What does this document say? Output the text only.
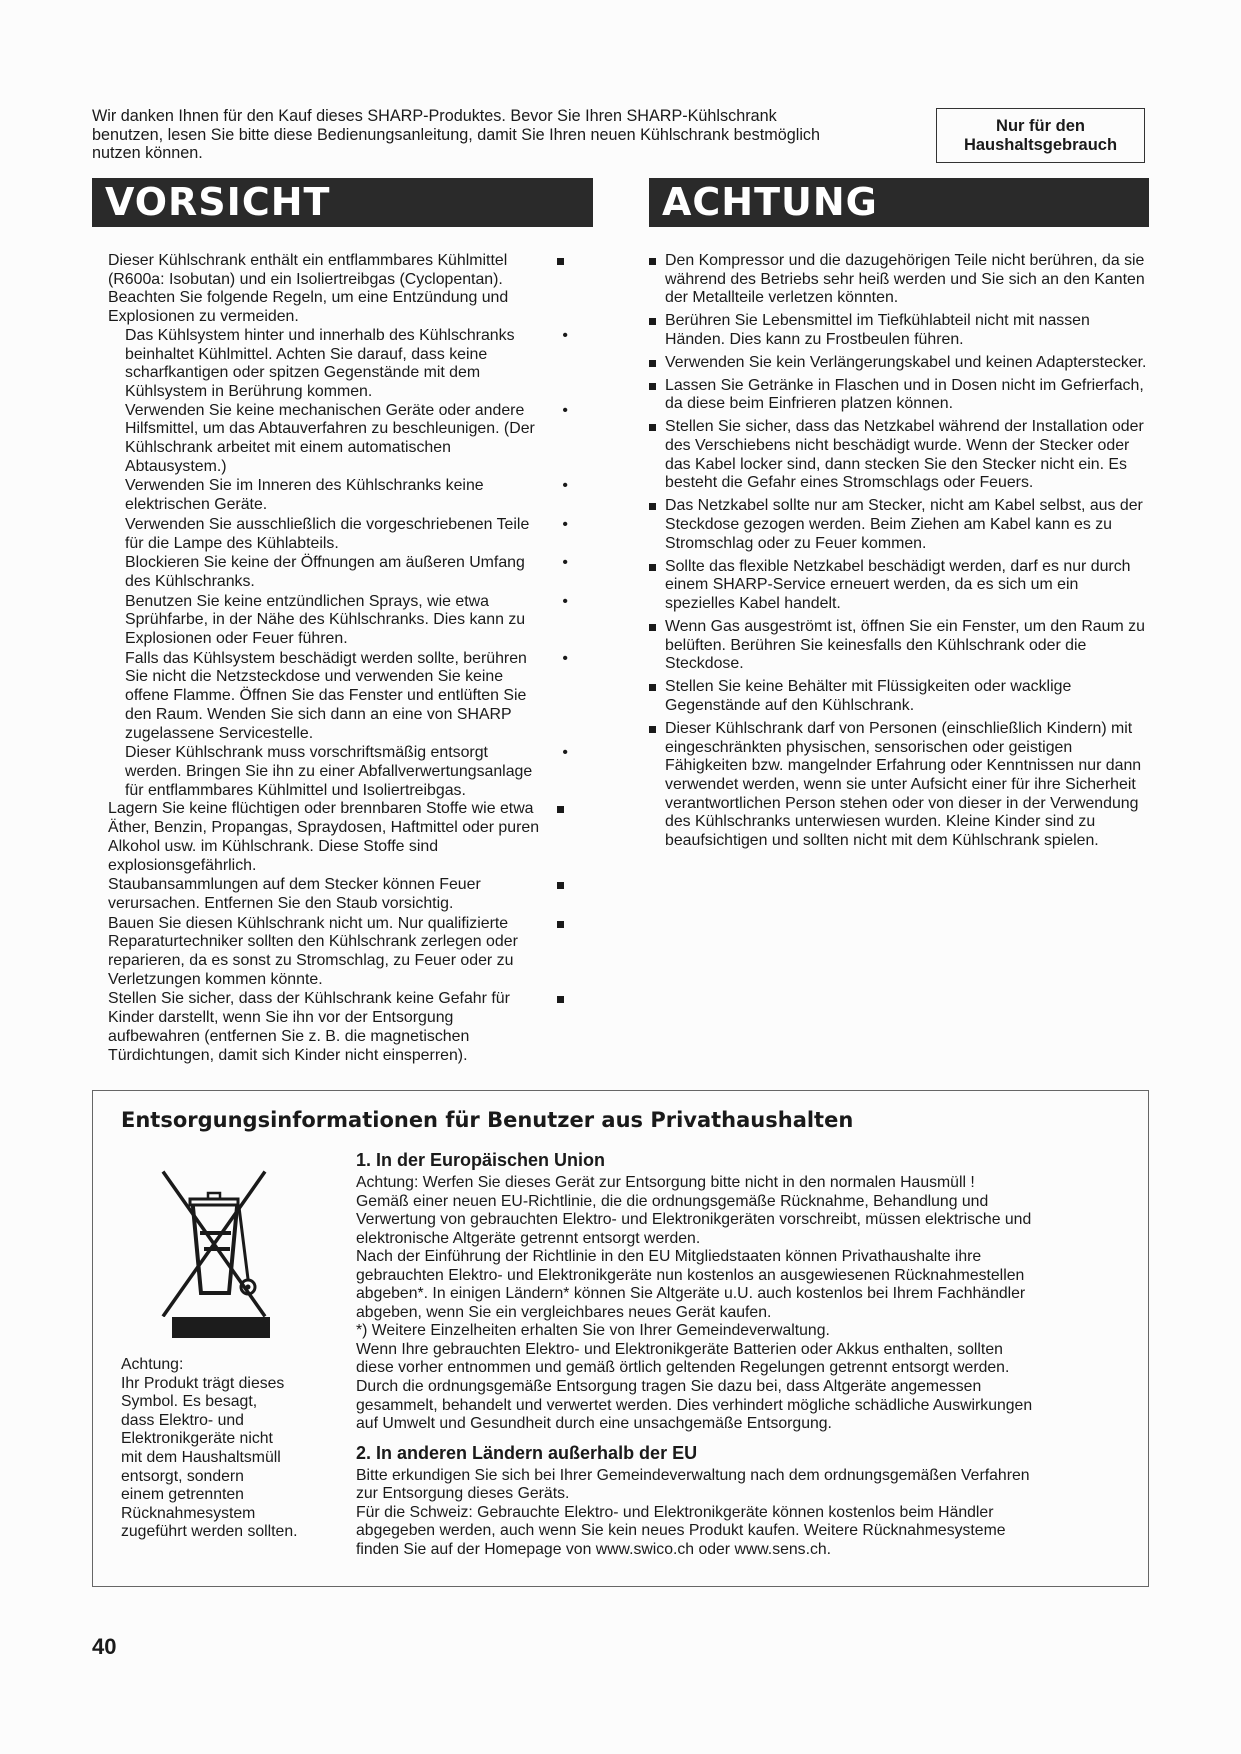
Wir danken Ihnen für den Kauf dieses SHARP-Produktes. Bevor Sie Ihren SHARP-Kühlschrank
benutzen, lesen Sie bitte diese Bedienungsanleitung, damit Sie Ihren neuen Kühlschrank bestmöglich
nutzen können.
Nur für den
Haushaltsgebrauch
VORSICHT	ACHTUNG
Dieser Kühlschrank enthält ein entflammbares Kühlmittel (R600a: Isobutan) und ein Isoliertreibgas (Cyclopentan). Beachten Sie folgende Regeln, um eine Entzündung und Explosionen zu vermeiden.
Das Kühlsystem hinter und innerhalb des Kühlschranks beinhaltet Kühlmittel. Achten Sie darauf, dass keine scharfkantigen oder spitzen Gegenstände mit dem Kühlsystem in Berührung kommen.
•
Verwenden Sie keine mechanischen Geräte oder andere Hilfsmittel, um das Abtauverfahren zu beschleunigen. (Der Kühlschrank arbeitet mit einem automatischen Abtausystem.)
•
Verwenden Sie im Inneren des Kühlschranks keine elektrischen Geräte.
•
Verwenden Sie ausschließlich die vorgeschriebenen Teile für die Lampe des Kühlabteils.
•
Blockieren Sie keine der Öffnungen am äußeren Umfang des Kühlschranks.
•
Benutzen Sie keine entzündlichen Sprays, wie etwa Sprühfarbe, in der Nähe des Kühlschranks. Dies kann zu Explosionen oder Feuer führen.
•
Falls das Kühlsystem beschädigt werden sollte, berühren Sie nicht die Netzsteckdose und verwenden Sie keine offene Flamme. Öffnen Sie das Fenster und entlüften Sie den Raum. Wenden Sie sich dann an eine von SHARP zugelassene Servicestelle.
•
Dieser Kühlschrank muss vorschriftsmäßig entsorgt werden. Bringen Sie ihn zu einer Abfallverwertungsanlage für entflammbares Kühlmittel und Isoliertreibgas.
•
Lagern Sie keine flüchtigen oder brennbaren Stoffe wie etwa Äther, Benzin, Propangas, Spraydosen, Haftmittel oder puren Alkohol usw. im Kühlschrank. Diese Stoffe sind explosionsgefährlich.
Staubansammlungen auf dem Stecker können Feuer verursachen. Entfernen Sie den Staub vorsichtig.
Bauen Sie diesen Kühlschrank nicht um. Nur qualifizierte Reparaturtechniker sollten den Kühlschrank zerlegen oder reparieren, da es sonst zu Stromschlag, zu Feuer oder zu Verletzungen kommen könnte.
Stellen Sie sicher, dass der Kühlschrank keine Gefahr für Kinder darstellt, wenn Sie ihn vor der Entsorgung aufbewahren (entfernen Sie z. B. die magnetischen Türdichtungen, damit sich Kinder nicht einsperren).
Den Kompressor und die dazugehörigen Teile nicht berühren, da sie während des Betriebs sehr heiß werden und Sie sich an den Kanten der Metallteile verletzen könnten.
Berühren Sie Lebensmittel im Tiefkühlabteil nicht mit nassen Händen. Dies kann zu Frostbeulen führen.
Verwenden Sie kein Verlängerungskabel und keinen Adapterstecker.
Lassen Sie Getränke in Flaschen und in Dosen nicht im Gefrierfach, da diese beim Einfrieren platzen können.
Stellen Sie sicher, dass das Netzkabel während der Installation oder des Verschiebens nicht beschädigt wurde. Wenn der Stecker oder das Kabel locker sind, dann stecken Sie den Stecker nicht ein. Es besteht die Gefahr eines Stromschlags oder Feuers.
Das Netzkabel sollte nur am Stecker, nicht am Kabel selbst, aus der Steckdose gezogen werden. Beim Ziehen am Kabel kann es zu Stromschlag oder zu Feuer kommen.
Sollte das flexible Netzkabel beschädigt werden, darf es nur durch einem SHARP-Service erneuert werden, da es sich um ein spezielles Kabel handelt.
Wenn Gas ausgeströmt ist, öffnen Sie ein Fenster, um den Raum zu belüften. Berühren Sie keinesfalls den Kühlschrank oder die Steckdose.
Stellen Sie keine Behälter mit Flüssigkeiten oder wacklige Gegenstände auf den Kühlschrank.
Dieser Kühlschrank darf von Personen (einschließlich Kindern) mit eingeschränkten physischen, sensorischen oder geistigen Fähigkeiten bzw. mangelnder Erfahrung oder Kenntnissen nur dann verwendet werden, wenn sie unter Aufsicht einer für ihre Sicherheit verantwortlichen Person stehen oder von dieser in der Verwendung des Kühlschranks unterwiesen wurden. Kleine Kinder sind zu beaufsichtigen und sollten nicht mit dem Kühlschrank spielen.
Entsorgungsinformationen für Benutzer aus Privathaushalten
Achtung:
Ihr Produkt trägt dieses
Symbol. Es besagt,
dass Elektro- und
Elektronikgeräte nicht
mit dem Haushaltsmüll
entsorgt, sondern
einem getrennten
Rücknahmesystem
zugeführt werden sollten.
1. In der Europäischen Union
Achtung: Werfen Sie dieses Gerät zur Entsorgung bitte nicht in den normalen Hausmüll !
Gemäß einer neuen EU-Richtlinie, die die ordnungsgemäße Rücknahme, Behandlung und
Verwertung von gebrauchten Elektro- und Elektronikgeräten vorschreibt, müssen elektrische und
elektronische Altgeräte getrennt entsorgt werden.
Nach der Einführung der Richtlinie in den EU Mitgliedstaaten können Privathaushalte ihre
gebrauchten Elektro- und Elektronikgeräte nun kostenlos an ausgewiesenen Rücknahmestellen
abgeben*. In einigen Ländern* können Sie Altgeräte u.U. auch kostenlos bei Ihrem Fachhändler
abgeben, wenn Sie ein vergleichbares neues Gerät kaufen.
*) Weitere Einzelheiten erhalten Sie von Ihrer Gemeindeverwaltung.
Wenn Ihre gebrauchten Elektro- und Elektronikgeräte Batterien oder Akkus enthalten, sollten
diese vorher entnommen und gemäß örtlich geltenden Regelungen getrennt entsorgt werden.
Durch die ordnungsgemäße Entsorgung tragen Sie dazu bei, dass Altgeräte angemessen
gesammelt, behandelt und verwertet werden. Dies verhindert mögliche schädliche Auswirkungen
auf Umwelt und Gesundheit durch eine unsachgemäße Entsorgung.
2. In anderen Ländern außerhalb der EU
Bitte erkundigen Sie sich bei Ihrer Gemeindeverwaltung nach dem ordnungsgemäßen Verfahren
zur Entsorgung dieses Geräts.
Für die Schweiz: Gebrauchte Elektro- und Elektronikgeräte können kostenlos beim Händler
abgegeben werden, auch wenn Sie kein neues Produkt kaufen. Weitere Rücknahmesysteme
finden Sie auf der Homepage von www.swico.ch oder www.sens.ch.
40
